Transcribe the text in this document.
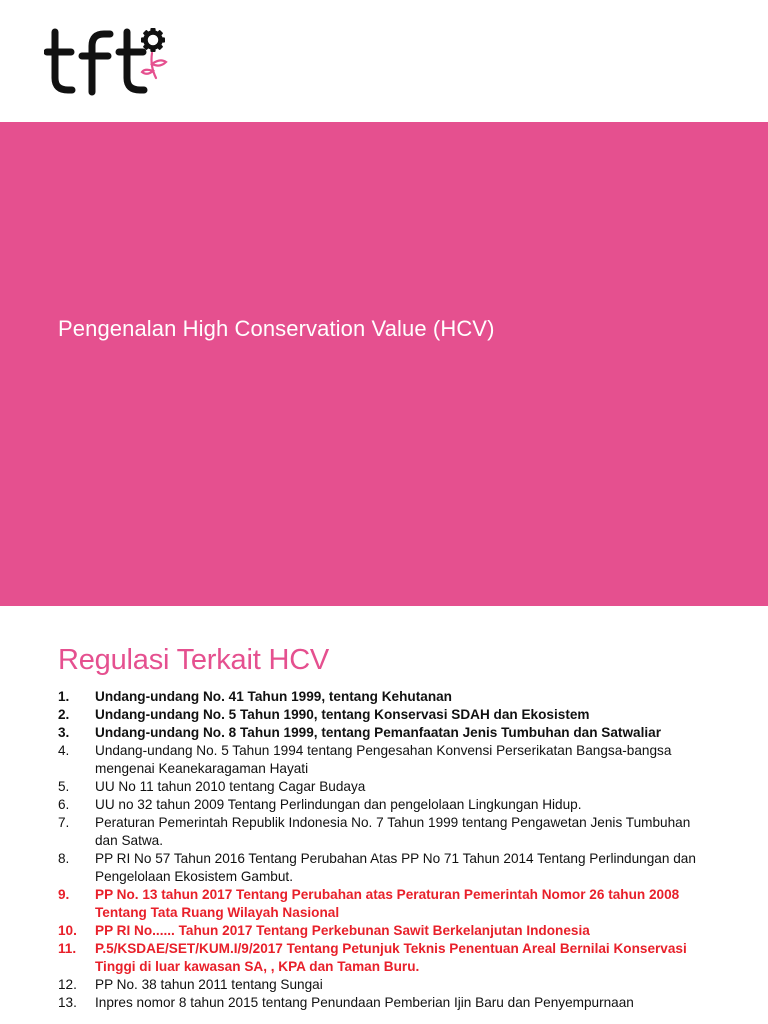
Pengenalan High Conservation Value (HCV)
Regulasi Terkait HCV
1.	Undang-undang No. 41 Tahun 1999, tentang Kehutanan
2.	Undang-undang No. 5 Tahun 1990, tentang Konservasi SDAH dan Ekosistem
3.	Undang-undang No. 8 Tahun 1999, tentang Pemanfaatan Jenis Tumbuhan dan Satwaliar
4.	Undang-undang No. 5 Tahun 1994 tentang Pengesahan Konvensi Perserikatan Bangsa-bangsa mengenai Keanekaragaman Hayati
5.	UU No 11 tahun 2010 tentang Cagar Budaya
6.	UU no 32 tahun 2009 Tentang Perlindungan dan pengelolaan Lingkungan Hidup.
7.	Peraturan Pemerintah Republik Indonesia No. 7 Tahun 1999 tentang Pengawetan Jenis Tumbuhan dan Satwa.
8.	PP RI No 57 Tahun 2016 Tentang Perubahan Atas PP No 71 Tahun 2014 Tentang Perlindungan dan Pengelolaan Ekosistem Gambut.
9.	PP No. 13 tahun 2017 Tentang Perubahan atas Peraturan Pemerintah Nomor 26 tahun 2008 Tentang Tata Ruang Wilayah Nasional
10.	PP RI No...... Tahun 2017 Tentang Perkebunan Sawit Berkelanjutan Indonesia
11.	P.5/KSDAE/SET/KUM.I/9/2017 Tentang Petunjuk Teknis Penentuan Areal Bernilai Konservasi Tinggi di luar kawasan SA, , KPA dan Taman Buru.
12.	PP No. 38 tahun 2011 tentang Sungai
13.	Inpres nomor 8 tahun 2015 tentang Penundaan Pemberian Ijin Baru dan Penyempurnaan
